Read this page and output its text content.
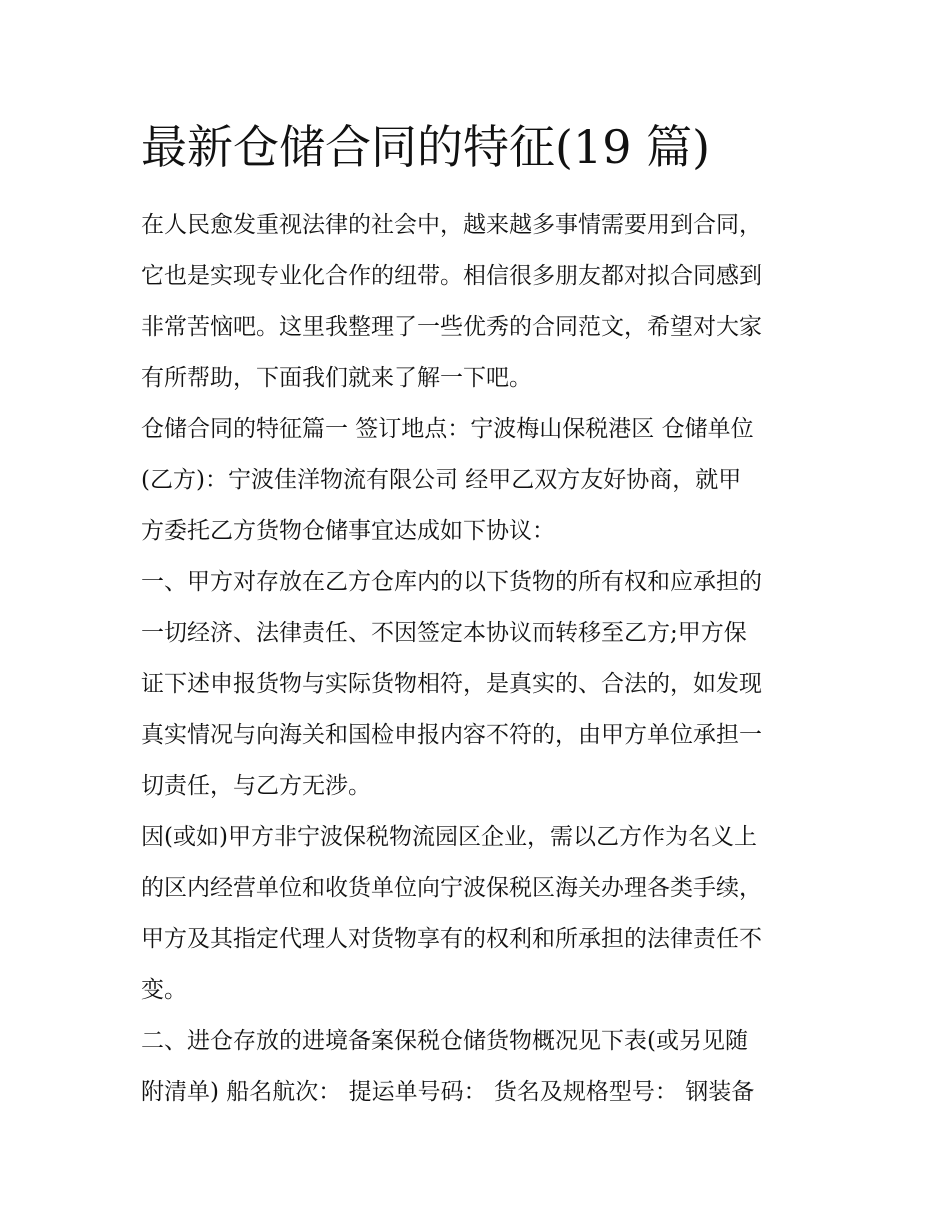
最新仓储合同的特征(19 篇)
在人民愈发重视法律的社会中，越来越多事情需要用到合同，
它也是实现专业化合作的纽带。相信很多朋友都对拟合同感到
非常苦恼吧。这里我整理了一些优秀的合同范文，希望对大家
有所帮助，下面我们就来了解一下吧。
仓储合同的特征篇一 签订地点：宁波梅山保税港区 仓储单位
(乙方)：宁波佳洋物流有限公司 经甲乙双方友好协商，就甲
方委托乙方货物仓储事宜达成如下协议：
一、甲方对存放在乙方仓库内的以下货物的所有权和应承担的
一切经济、法律责任、不因签定本协议而转移至乙方;甲方保
证下述申报货物与实际货物相符，是真实的、合法的，如发现
真实情况与向海关和国检申报内容不符的，由甲方单位承担一
切责任，与乙方无涉。
因(或如)甲方非宁波保税物流园区企业，需以乙方作为名义上
的区内经营单位和收货单位向宁波保税区海关办理各类手续，
甲方及其指定代理人对货物享有的权利和所承担的法律责任不
变。
二、进仓存放的进境备案保税仓储货物概况见下表(或另见随
附清单) 船名航次： 提运单号码： 货名及规格型号： 钢装备
